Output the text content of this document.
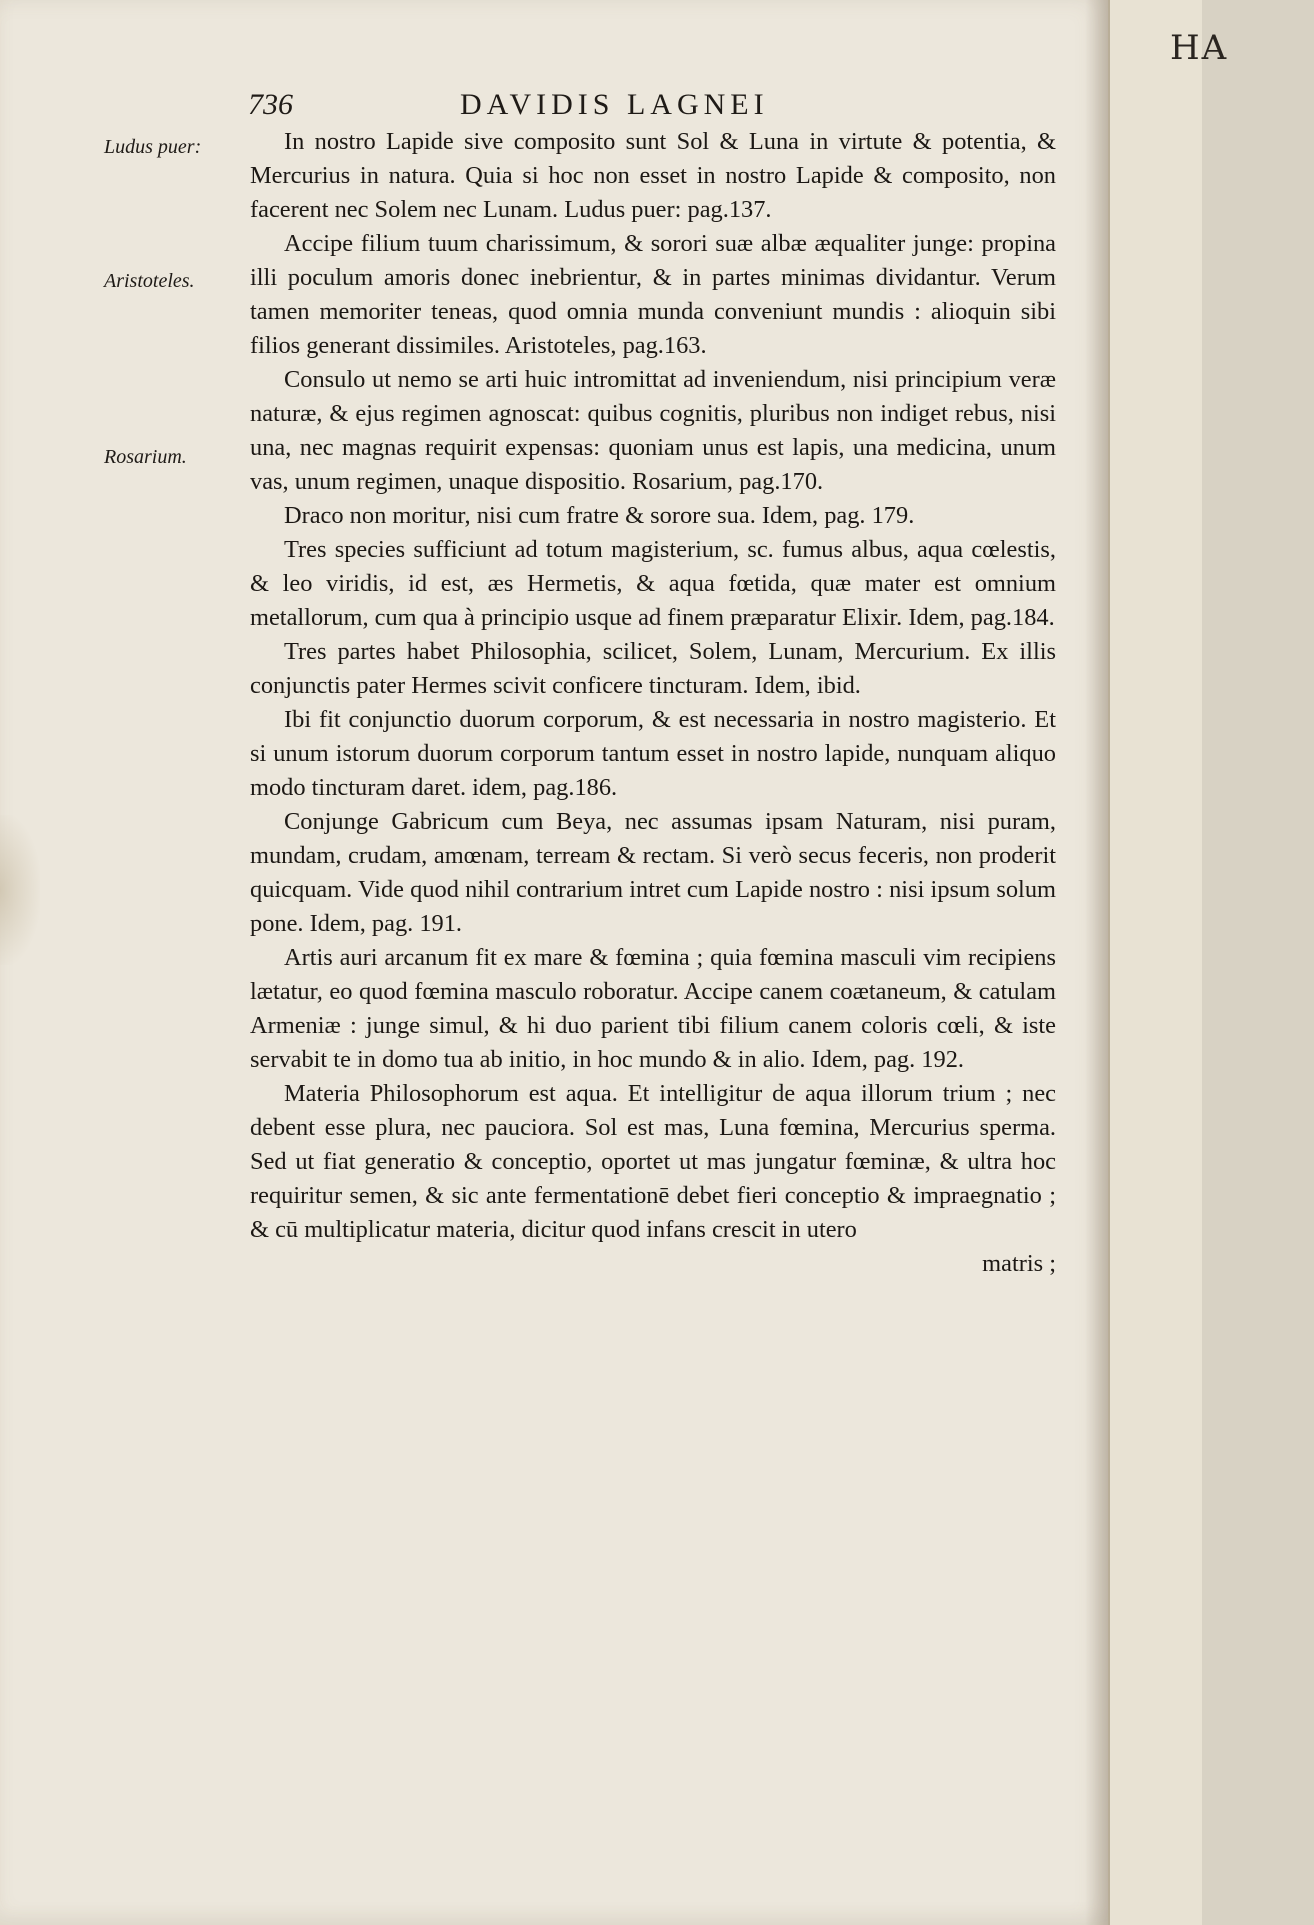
736	DAVIDIS LAGNEI
Ludus puer:
Aristoteles.
Rosarium.

In nostro Lapide sive composito sunt Sol & Luna in virtute & potentia, & Mercurius in natura. Quia si hoc non esset in nostro Lapide & composito, non facerent nec Solem nec Lunam. Ludus puer: pag.137.

Accipe filium tuum charissimum, & sorori suæ albæ æqualiter junge: propina illi poculum amoris donec inebrientur, & in partes minimas dividantur. Verum tamen memoriter teneas, quod omnia munda conveniunt mundis : alioquin sibi filios generant dissimiles. Aristoteles, pag.163.

Consulo ut nemo se arti huic intromittat ad inveniendum, nisi principium veræ naturæ, & ejus regimen agnoscat: quibus cognitis, pluribus non indiget rebus, nisi una, nec magnas requirit expensas: quoniam unus est lapis, una medicina, unum vas, unum regimen, unaque dispositio. Rosarium, pag.170.

Draco non moritur, nisi cum fratre & sorore sua. Idem, pag. 179.

Tres species sufficiunt ad totum magisterium, sc. fumus albus, aqua cœlestis, & leo viridis, id est, æs Hermetis, & aqua fœtida, quæ mater est omnium metallorum, cum qua à principio usque ad finem præparatur Elixir. Idem, pag.184.

Tres partes habet Philosophia, scilicet, Solem, Lunam, Mercurium. Ex illis conjunctis pater Hermes scivit conficere tincturam. Idem, ibid.

Ibi fit conjunctio duorum corporum, & est necessaria in nostro magisterio. Et si unum istorum duorum corporum tantum esset in nostro lapide, nunquam aliquo modo tincturam daret. idem, pag.186.

Conjunge Gabricum cum Beya, nec assumas ipsam Naturam, nisi puram, mundam, crudam, amœnam, terream & rectam. Si verò secus feceris, non proderit quicquam. Vide quod nihil contrarium intret cum Lapide nostro : nisi ipsum solum pone. Idem, pag. 191.

Artis auri arcanum fit ex mare & fœmina ; quia fœmina masculi vim recipiens lætatur, eo quod fœmina masculo roboratur. Accipe canem coætaneum, & catulam Armeniæ : junge simul, & hi duo parient tibi filium canem coloris cœli, & iste servabit te in domo tua ab initio, in hoc mundo & in alio. Idem, pag. 192.

Materia Philosophorum est aqua. Et intelligitur de aqua illorum trium ; nec debent esse plura, nec pauciora. Sol est mas, Luna fœmina, Mercurius sperma. Sed ut fiat generatio & conceptio, oportet ut mas jungatur fœminæ, & ultra hoc requiritur semen, & sic ante fermentationē debet fieri conceptio & impraegnatio ; & cū multiplicatur materia, dicitur quod infans crescit in utero

matris ;

HA
